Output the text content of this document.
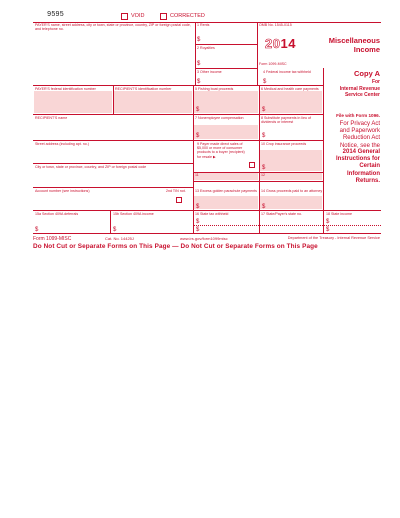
9595	VOID	CORRECTED
PAYER'S name, street address, city or town, state or province, country, ZIP or foreign postal code, and telephone no.
1 Rents
$
OMB No. 1545-0115
2 Royalties
$
2014
Form 1099-MISC
3 Other income
$
4 Federal income tax withheld
$
PAYER'S federal identification number	RECIPIENT'S identification number	5 Fishing boat proceeds
$
6 Medical and health care payments
$
RECIPIENT'S name	7 Nonemployee compensation
$
8 Substitute payments in lieu of dividends or interest
$
Street address (including apt. no.)	9 Payer made direct sales of $5,000 or more of consumer products to a buyer (recipient) for resale ▶
10 Crop insurance proceeds
$
11	12
City or town, state or province, country, and ZIP or foreign postal code
Account number (see instructions)	2nd TIN not.	13 Excess golden parachute payments
$
14 Gross proceeds paid to an attorney
$
15a Section 409A deferrals
$
15b Section 409A income
$
16 State tax withheld
$
$
17 State/Payer's state no.	18 State income
$
$
Miscellaneous
Income
Copy A
For
Internal Revenue
Service Center
File with Form 1096.
For Privacy Act
and Paperwork
Reduction Act
Notice, see the
2014 General
Instructions for
Certain
Information
Returns.
Form 1099-MISC	Cat. No. 14425J	www.irs.gov/form1099misc	Department of the Treasury - Internal Revenue Service
Do Not Cut or Separate Forms on This Page — Do Not Cut or Separate Forms on This Page
